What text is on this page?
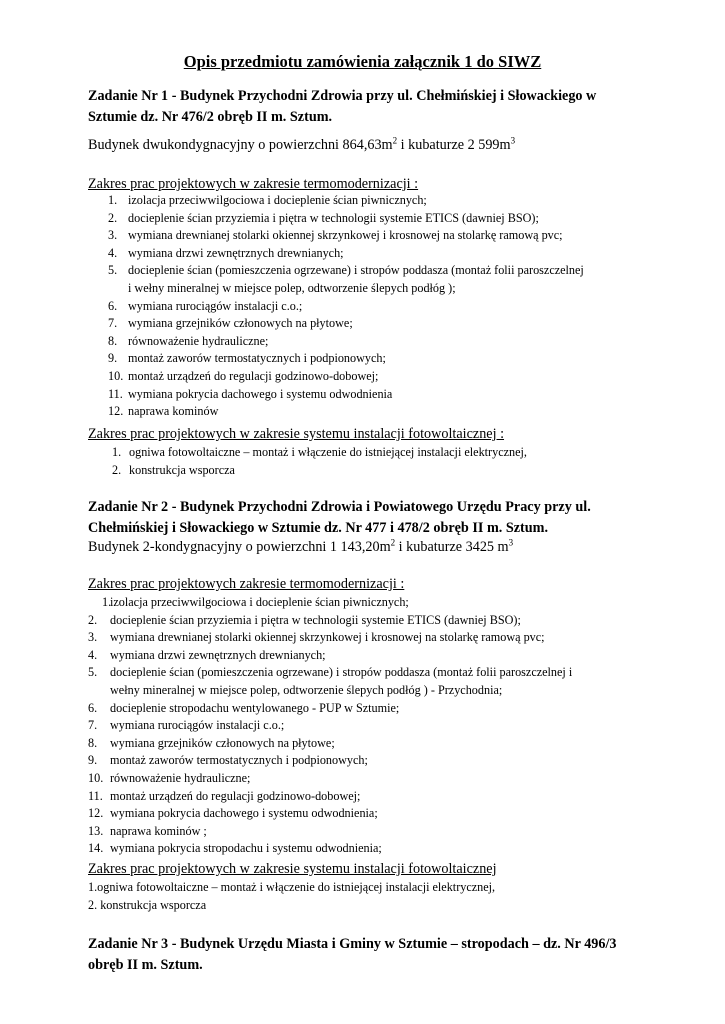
Opis przedmiotu zamówienia załącznik 1 do SIWZ
Zadanie Nr 1 - Budynek Przychodni Zdrowia przy ul. Chełmińskiej i Słowackiego w
Sztumie dz. Nr 476/2 obręb II m. Sztum.
Budynek dwukondygnacyjny o powierzchni $864,63m^2$ i kubaturze 2 $599m^3$
Zakres prac projektowych w zakresie termomodernizacji :
1. izolacja przeciwwilgociowa i docieplenie ścian piwnicznych;
2. docieplenie ścian przyziemia i piętra w technologii systemie ETICS (dawniej BSO);
3. wymiana drewnianej stolarki okiennej skrzynkowej i krosnowej na stolarkę ramową pvc;
4. wymiana drzwi zewnętrznych drewnianych;
5. docieplenie ścian (pomieszczenia ogrzewane) i stropów poddasza (montaż folii paroszczelnej
i wełny mineralnej w miejsce polep, odtworzenie ślepych podłóg );
6. wymiana rurociągów instalacji c.o.;
7. wymiana grzejników członowych na płytowe;
8. równoważenie hydrauliczne;
9. montaż zaworów termostatycznych i podpionowych;
10. montaż urządzeń do regulacji godzinowo-dobowej;
11. wymiana pokrycia dachowego i systemu odwodnienia
12. naprawa kominów
Zakres prac projektowych w zakresie systemu instalacji fotowoltaicznej :
1. ogniwa fotowoltaiczne – montaż i włączenie do istniejącej instalacji elektrycznej,
2. konstrukcja wsporcza
Zadanie Nr 2 - Budynek Przychodni Zdrowia i Powiatowego Urzędu Pracy przy ul.
Chełmińskiej i Słowackiego w Sztumie dz. Nr 477 i 478/2 obręb II m. Sztum.
Budynek 2-kondygnacyjny o powierzchni 1 $143,20m^2$ i kubaturze 3425 $m^3$
Zakres prac projektowych zakresie termomodernizacji :
1.
izolacja przeciwwilgociowa i docieplenie ścian piwnicznych;
2. docieplenie ścian przyziemia i piętra w technologii systemie ETICS (dawniej BSO);
3. wymiana drewnianej stolarki okiennej skrzynkowej i krosnowej na stolarkę ramową pvc;
4. wymiana drzwi zewnętrznych drewnianych;
5. docieplenie ścian (pomieszczenia ogrzewane) i stropów poddasza (montaż folii paroszczelnej i
wełny mineralnej w miejsce polep, odtworzenie ślepych podłóg ) - Przychodnia;
6. docieplenie stropodachu wentylowanego - PUP w Sztumie;
7. wymiana rurociągów instalacji c.o.;
8. wymiana grzejników członowych na płytowe;
9. montaż zaworów termostatycznych i podpionowych;
10. równoważenie hydrauliczne;
11. montaż urządzeń do regulacji godzinowo-dobowej;
12. wymiana pokrycia dachowego i systemu odwodnienia;
13. naprawa kominów ;
14. wymiana pokrycia stropodachu i systemu odwodnienia;
Zakres prac projektowych w zakresie systemu instalacji fotowoltaicznej
1.ogniwa fotowoltaiczne – montaż i włączenie do istniejącej instalacji elektrycznej,
2. konstrukcja wsporcza
Zadanie Nr 3 - Budynek Urzędu Miasta i Gminy w Sztumie – stropodach – dz. Nr 496/3
obręb II m. Sztum.
